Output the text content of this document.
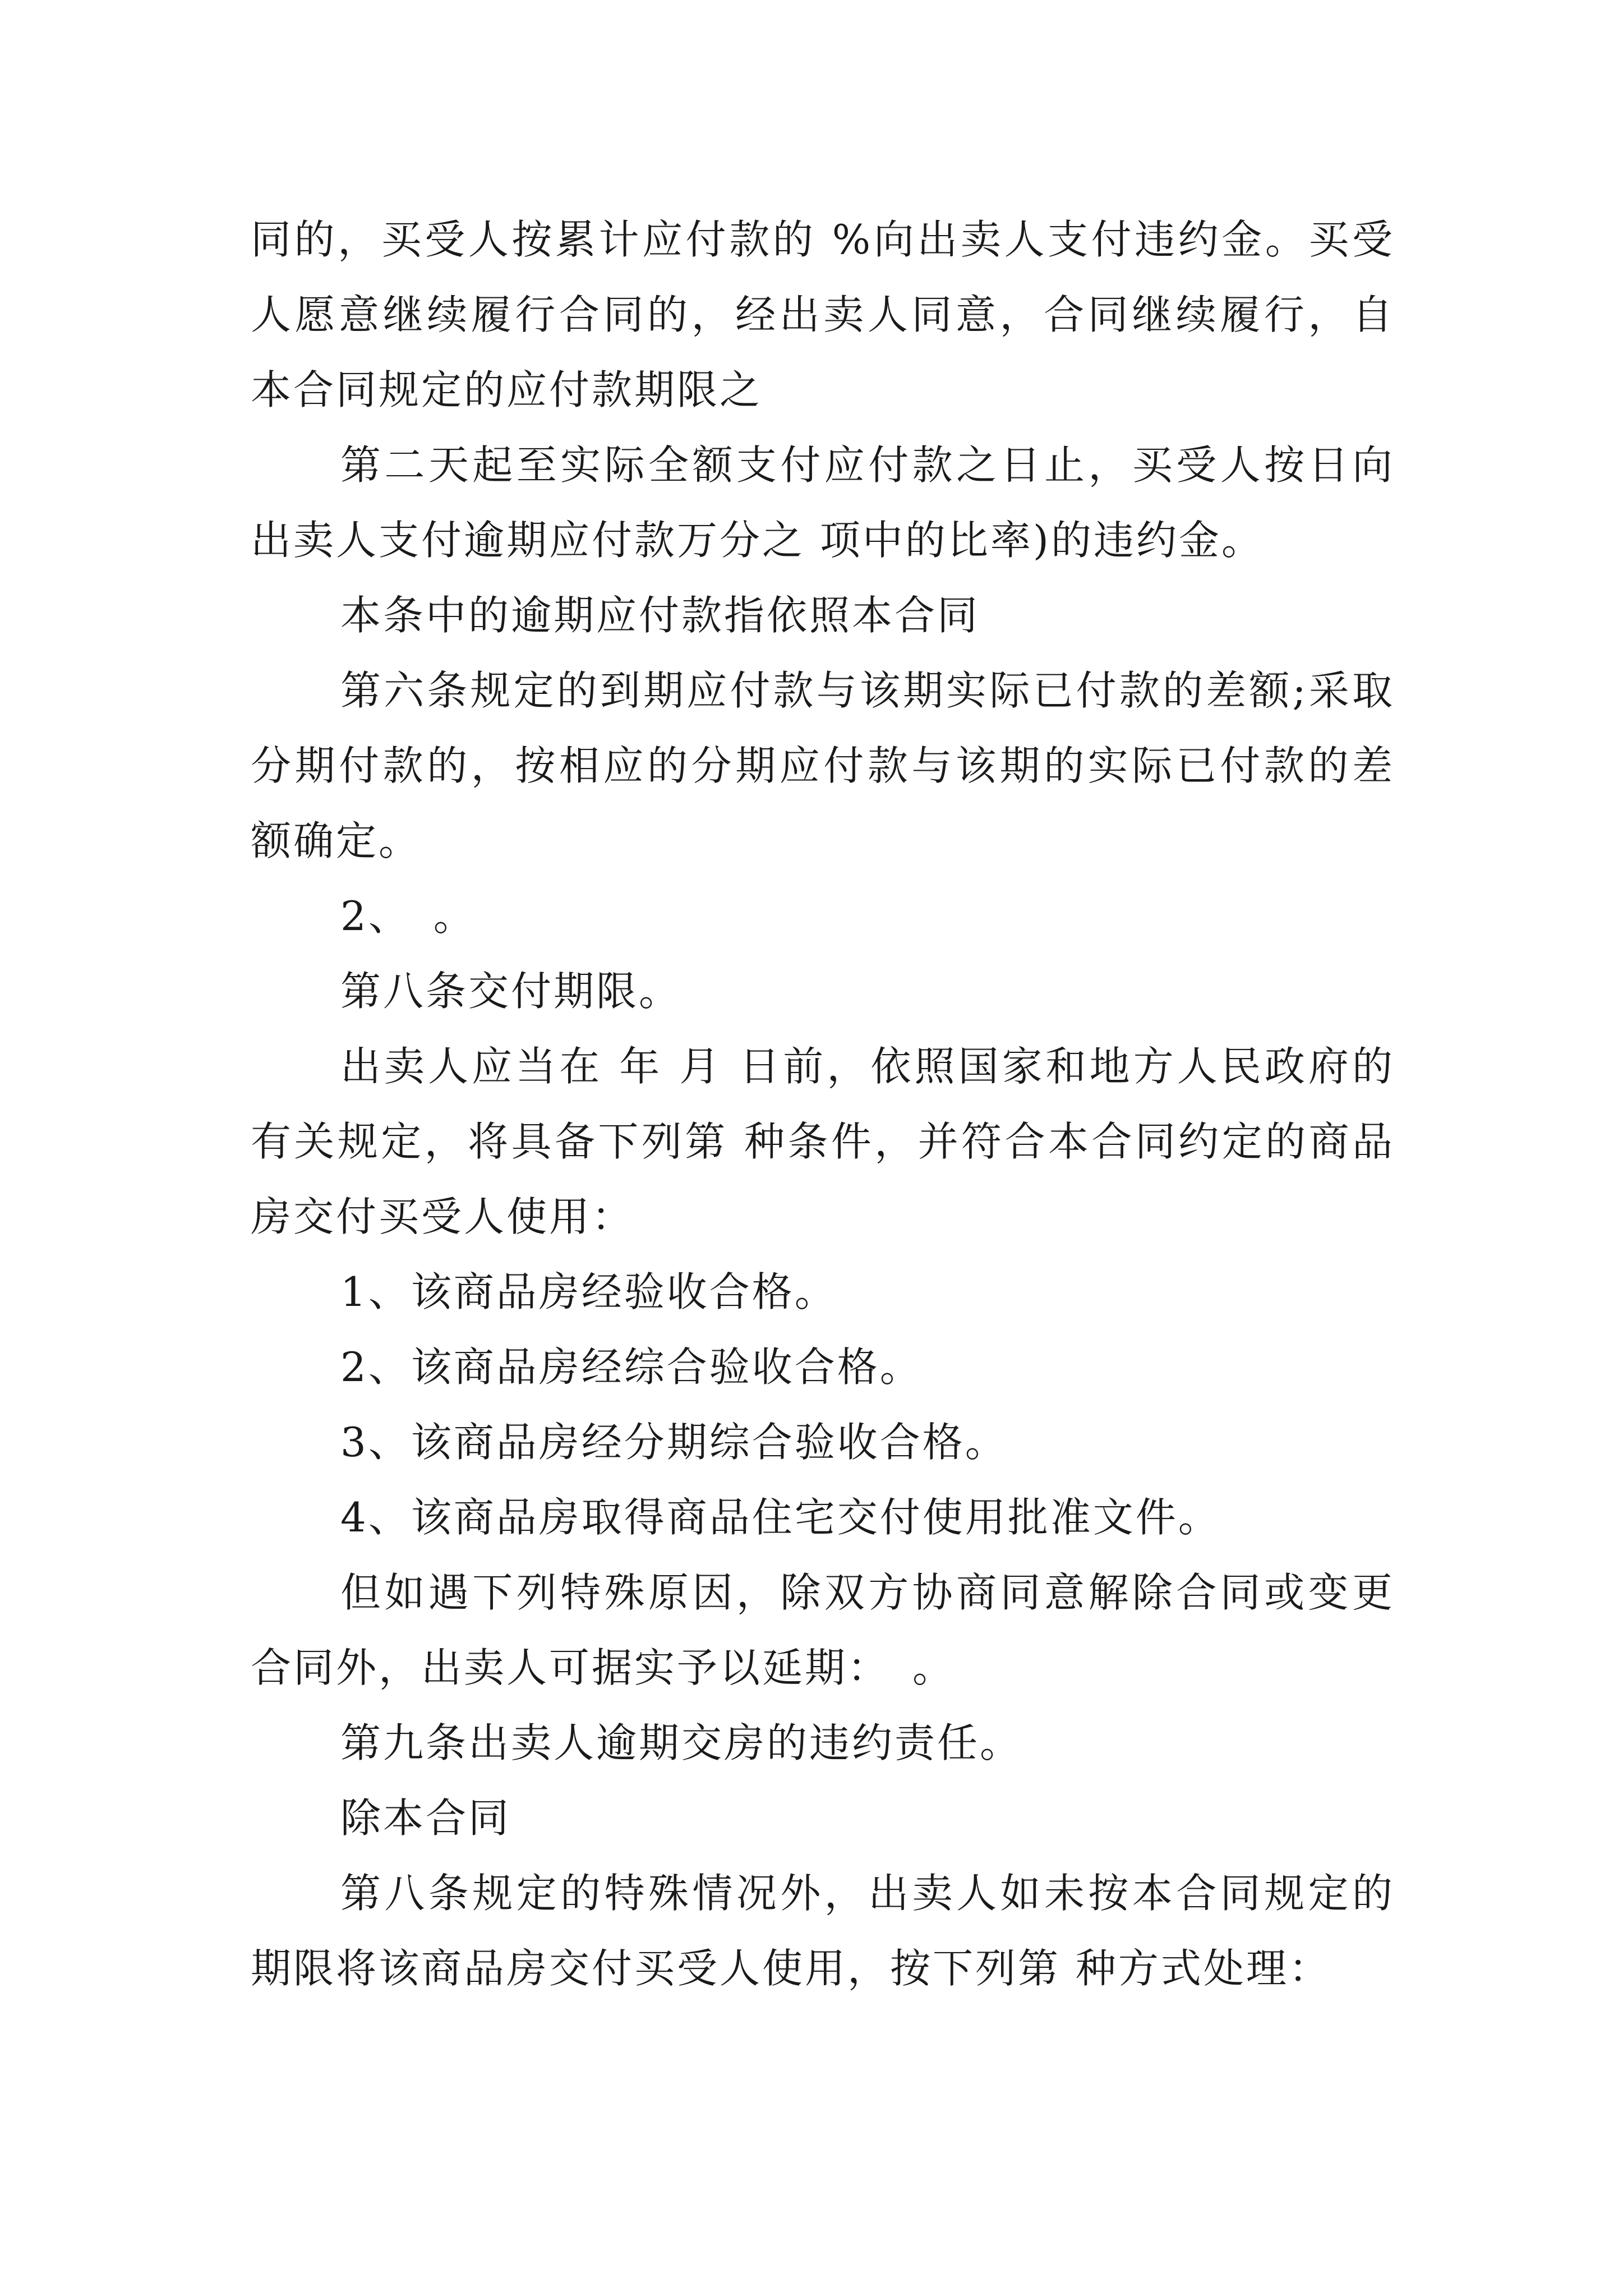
同的，买受人按累计应付款的 %向出卖人支付违约金。买受人愿意继续履行合同的，经出卖人同意，合同继续履行，自本合同规定的应付款期限之

第二天起至实际全额支付应付款之日止，买受人按日向出卖人支付逾期应付款万分之 项中的比率)的违约金。

本条中的逾期应付款指依照本合同

第六条规定的到期应付款与该期实际已付款的差额;采取分期付款的，按相应的分期应付款与该期的实际已付款的差额确定。

2、　。

第八条交付期限。

出卖人应当在 年 月 日前，依照国家和地方人民政府的有关规定，将具备下列第 种条件，并符合本合同约定的商品房交付买受人使用：

1、该商品房经验收合格。

2、该商品房经综合验收合格。

3、该商品房经分期综合验收合格。

4、该商品房取得商品住宅交付使用批准文件。

但如遇下列特殊原因，除双方协商同意解除合同或变更合同外，出卖人可据实予以延期：　。

第九条出卖人逾期交房的违约责任。

除本合同

第八条规定的特殊情况外，出卖人如未按本合同规定的期限将该商品房交付买受人使用，按下列第 种方式处理：
